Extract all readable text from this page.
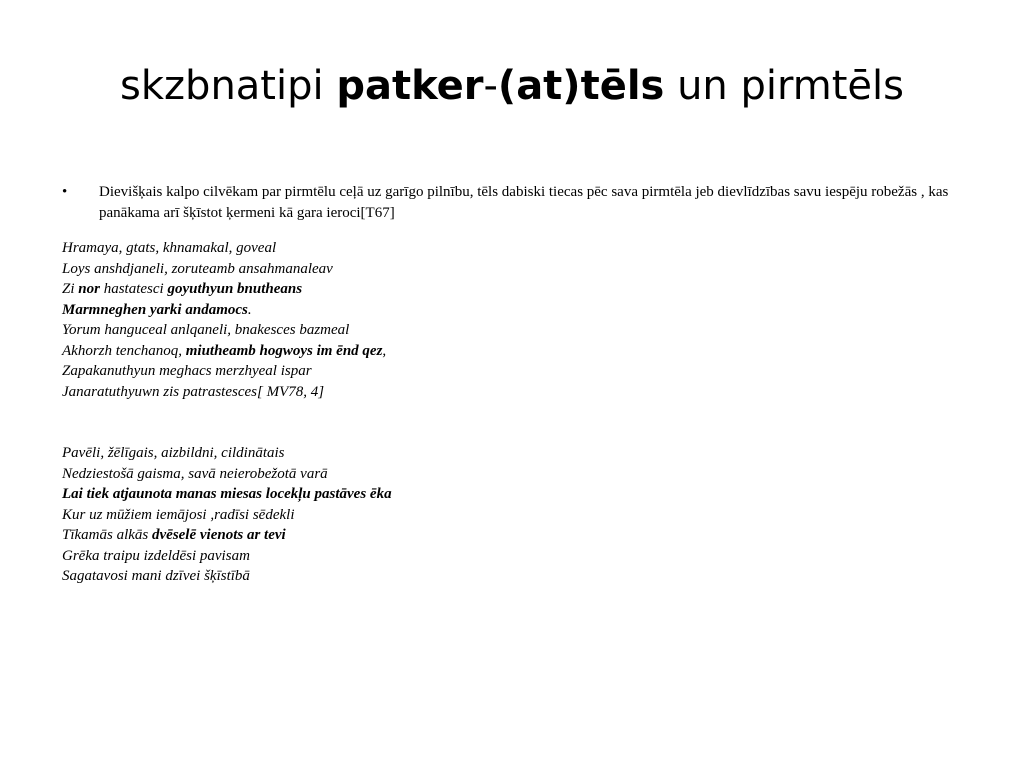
skzbnatipi patker-(at)tēls un pirmtēls
•	Dievišķais kalpo cilvēkam par pirmtēlu ceļā uz garīgo pilnību, tēls dabiski tiecas pēc sava pirmtēla jeb dievlīdzības savu iespēju robežās , kas panākama arī šķīstot ķermeni kā gara ieroci[T67]
Hramaya, gtats, khnamakal, goveal
Loys anshdjaneli, zoruteamb ansahmanaleav
Zi nor hastatesci goyuthyun bnutheans
Marmneghen yarki andamocs.
Yorum hanguceal anlqaneli, bnakesces bazmeal
Akhorzh tenchanoq, miutheamb hogwoys im ēnd qez,
Zapakanuthyun meghacs merzhyeal ispar
Janaratuthyuwn zis patrastesces[ MV78, 4]
Pavēli, žēlīgais, aizbildni, cildinātais
Nedziestošā gaisma, savā neierobežotā varā
Lai tiek atjaunota manas miesas locekļu pastāves ēka
Kur uz mūžiem iemājosi ,radīsi sēdekli
Tīkamās alkās dvēselē vienots ar tevi
Grēka traipu izdeldēsi pavisam
Sagatavosi mani dzīvei šķīstībā
